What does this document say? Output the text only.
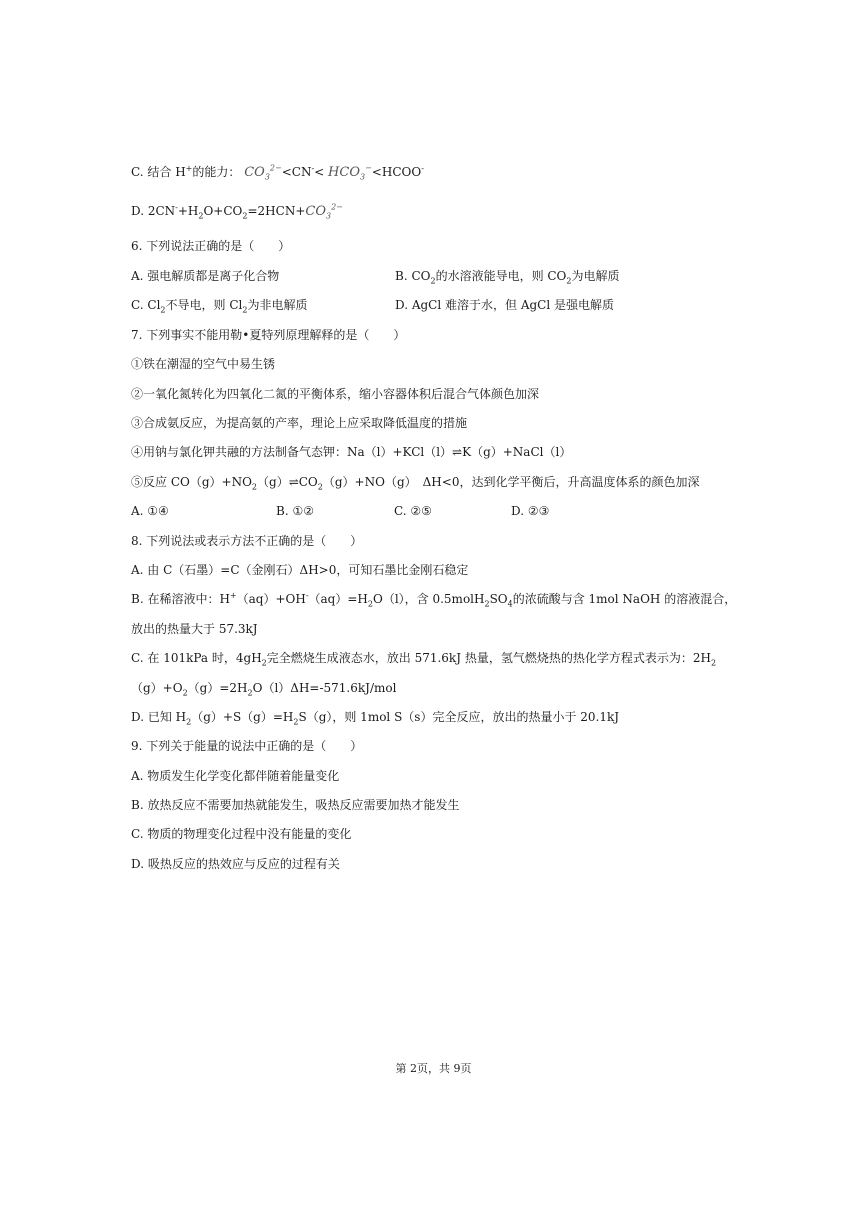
C. 结合 H+的能力： $CO_3^{2-}<CN^-<$ $HCO_3^-<HCOO^-$
D. $2CN^-+H_2O+CO_2=2HCN+CO_3^{2-}$
6. 下列说法正确的是（　　）
A. 强电解质都是离子化合物	B. $CO_2$的水溶液能导电，则 $CO_2$为电解质
C. $Cl_2$不导电，则 $Cl_2$为非电解质	D. AgCl 难溶于水，但 AgCl 是强电解质
7. 下列事实不能用勒•夏特列原理解释的是（　　）
①铁在潮湿的空气中易生锈
②一氧化氮转化为四氧化二氮的平衡体系，缩小容器体积后混合气体颜色加深
③合成氨反应，为提高氨的产率，理论上应采取降低温度的措施
④用钠与氯化钾共融的方法制备气态钾：Na（l）+KCl（l）⇌K（g）+NaCl（l）
⑤反应 $CO(g)+NO_2(g)\rightleftharpoons CO_2(g)+NO(g)$　ΔH<0，达到化学平衡后，升高温度体系的颜色加深
A. ①④	B. ①②	C. ②⑤	D. ②③
8. 下列说法或表示方法不正确的是（　　）
A. 由 C（石墨）=C（金刚石）ΔH>0，可知石墨比金刚石稳定
B. 在稀溶液中：$H^+(aq)+OH^-(aq)=H_2O(l)$，含 $0.5molH_2SO_4$的浓硫酸与含 1mol NaOH 的溶液混合，
放出的热量大于 57.3kJ
C. 在 101kPa 时，$4gH_2$完全燃烧生成液态水，放出 571.6kJ 热量，氢气燃烧热的热化学方程式表示为：$2H_2$
$(g)+O_2(g)=2H_2O(l)\Delta H=-571.6kJ$/mol
D. 已知 $H_2(g)+S(g)=H_2S(g)$，则 1mol S（s）完全反应，放出的热量小于 20.1kJ
9. 下列关于能量的说法中正确的是（　　）
A. 物质发生化学变化都伴随着能量变化
B. 放热反应不需要加热就能发生，吸热反应需要加热才能发生
C. 物质的物理变化过程中没有能量的变化
D. 吸热反应的热效应与反应的过程有关
第 2页，共 9页
